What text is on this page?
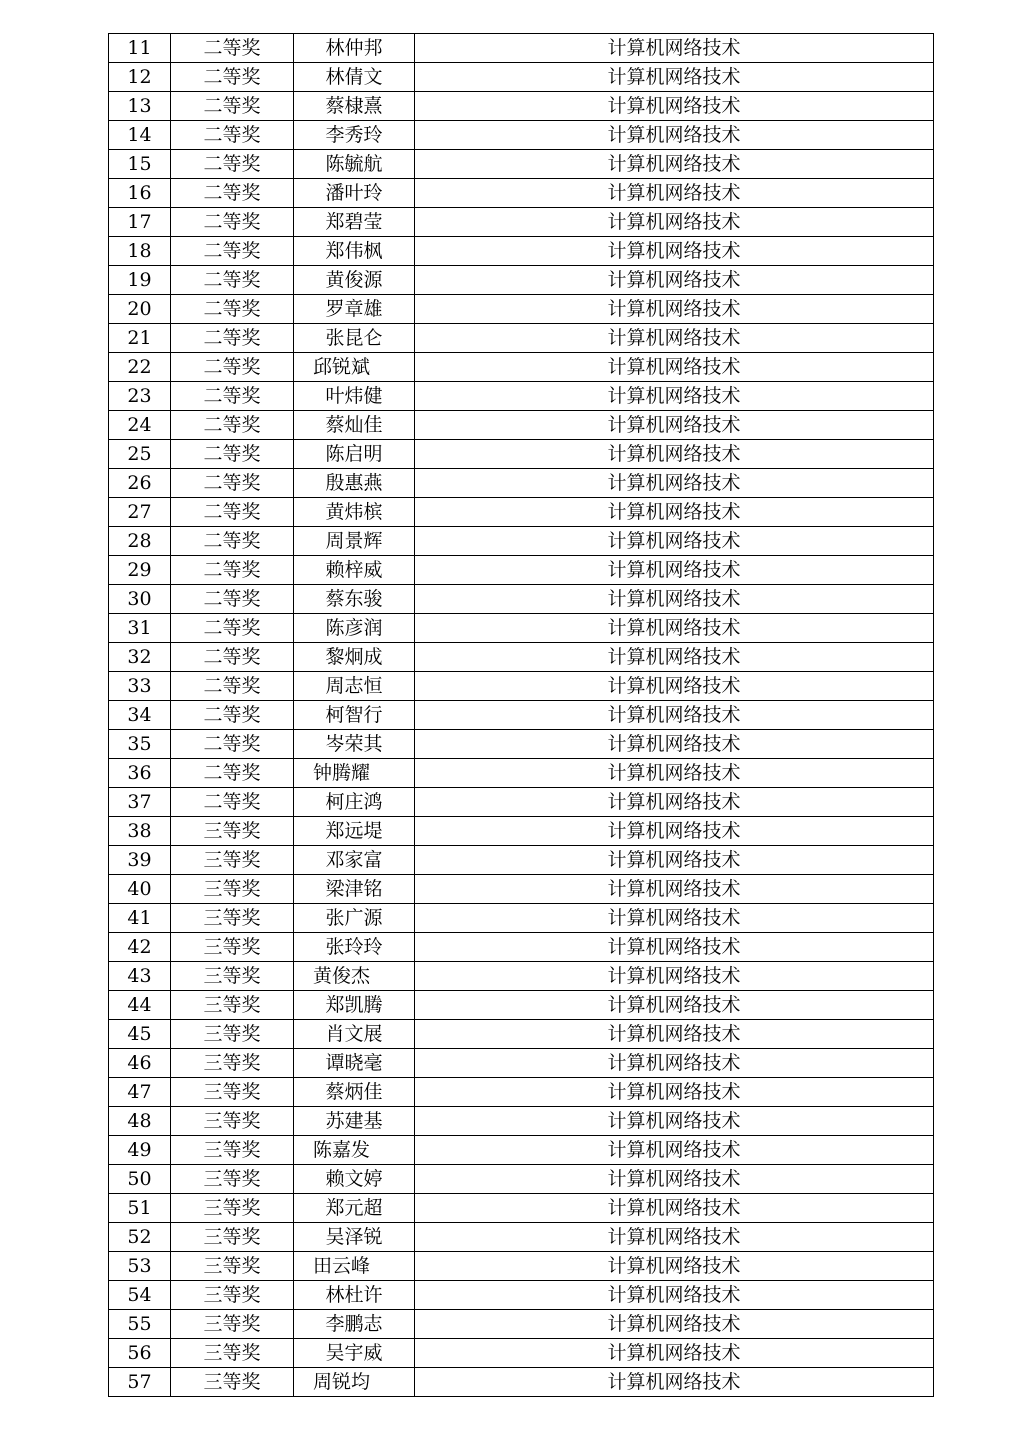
11	二等奖	林仲邦	计算机网络技术
12	二等奖	林倩文	计算机网络技术
13	二等奖	蔡棣熹	计算机网络技术
14	二等奖	李秀玲	计算机网络技术
15	二等奖	陈毓航	计算机网络技术
16	二等奖	潘叶玲	计算机网络技术
17	二等奖	郑碧莹	计算机网络技术
18	二等奖	郑伟枫	计算机网络技术
19	二等奖	黄俊源	计算机网络技术
20	二等奖	罗章雄	计算机网络技术
21	二等奖	张昆仑	计算机网络技术
22	二等奖	邱锐斌	计算机网络技术
23	二等奖	叶炜健	计算机网络技术
24	二等奖	蔡灿佳	计算机网络技术
25	二等奖	陈启明	计算机网络技术
26	二等奖	殷惠燕	计算机网络技术
27	二等奖	黄炜槟	计算机网络技术
28	二等奖	周景辉	计算机网络技术
29	二等奖	赖梓威	计算机网络技术
30	二等奖	蔡东骏	计算机网络技术
31	二等奖	陈彦润	计算机网络技术
32	二等奖	黎炯成	计算机网络技术
33	二等奖	周志恒	计算机网络技术
34	二等奖	柯智行	计算机网络技术
35	二等奖	岑荣其	计算机网络技术
36	二等奖	钟腾耀	计算机网络技术
37	二等奖	柯庄鸿	计算机网络技术
38	三等奖	郑远堤	计算机网络技术
39	三等奖	邓家富	计算机网络技术
40	三等奖	梁津铭	计算机网络技术
41	三等奖	张广源	计算机网络技术
42	三等奖	张玲玲	计算机网络技术
43	三等奖	黄俊杰	计算机网络技术
44	三等奖	郑凯腾	计算机网络技术
45	三等奖	肖文展	计算机网络技术
46	三等奖	谭晓毫	计算机网络技术
47	三等奖	蔡炳佳	计算机网络技术
48	三等奖	苏建基	计算机网络技术
49	三等奖	陈嘉发	计算机网络技术
50	三等奖	赖文婷	计算机网络技术
51	三等奖	郑元超	计算机网络技术
52	三等奖	吴泽锐	计算机网络技术
53	三等奖	田云峰	计算机网络技术
54	三等奖	林杜许	计算机网络技术
55	三等奖	李鹏志	计算机网络技术
56	三等奖	吴宇威	计算机网络技术
57	三等奖	周锐均	计算机网络技术
